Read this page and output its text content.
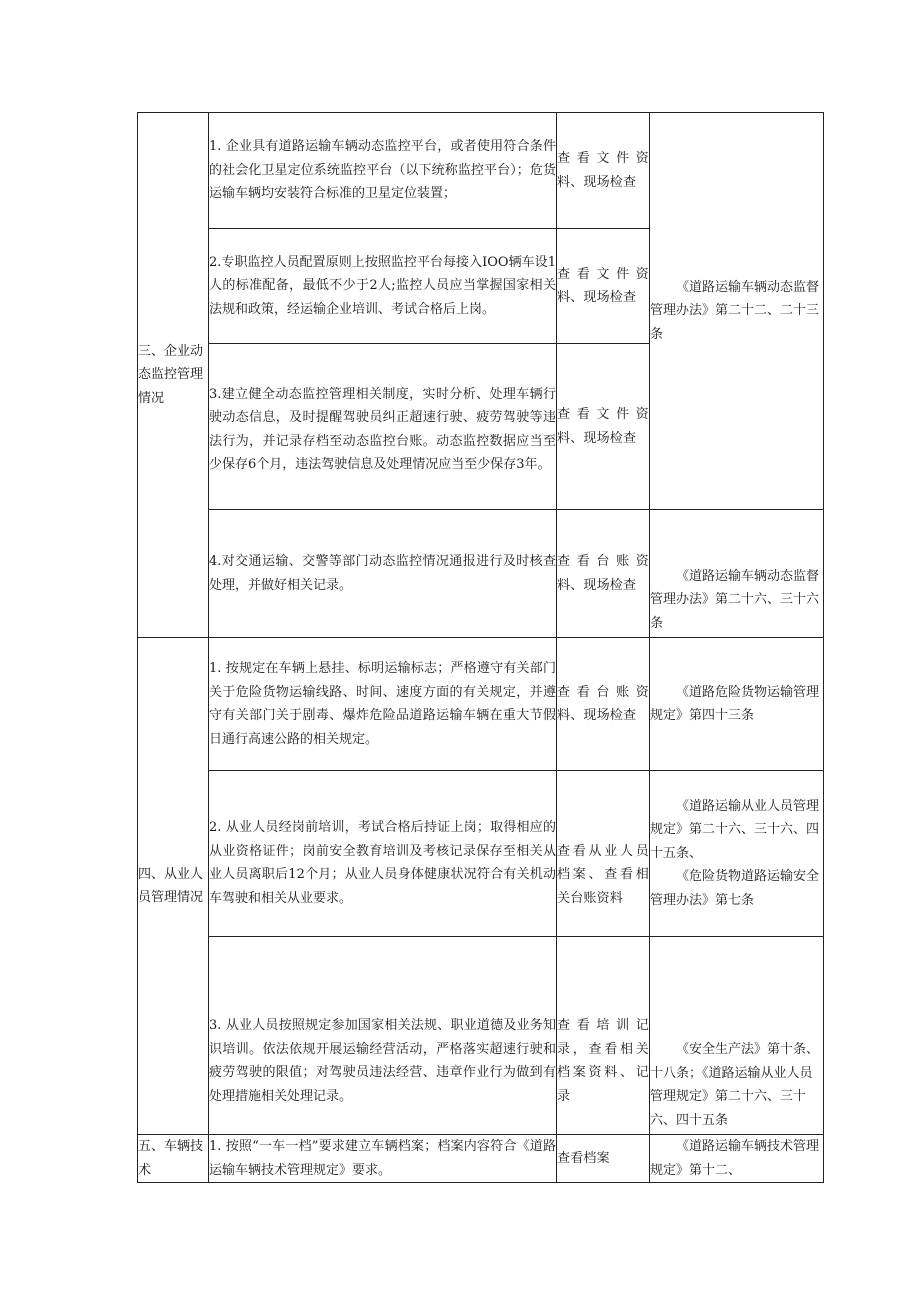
三、企业动态监控管理情况	1. 企业具有道路运输车辆动态监控平台，或者使用符合条件的社会化卫星定位系统监控平台（以下统称监控平台）；危货运输车辆均安装符合标准的卫星定位装置；	查看文件资料、现场检查	《道路运输车辆动态监督管理办法》第二十二、二十三条

	2.专职监控人员配置原则上按照监控平台每接入IOO辆车设1人的标准配备，最低不少于2人;监控人员应当掌握国家相关法规和政策，经运输企业培训、考试合格后上岗。	查看文件资料、现场检查	
	3.建立健全动态监控管理相关制度，实时分析、处理车辆行驶动态信息，及时提醒驾驶员纠正超速行驶、疲劳驾驶等违法行为，并记录存档至动态监控台账。动态监控数据应当至少保存6个月，违法驾驶信息及处理情况应当至少保存3年。	查看文件资料、现场检查	
	4.对交通运输、交警等部门动态监控情况通报进行及时核查处理，并做好相关记录。	查看台账资料、现场检查	《道路运输车辆动态监督管理办法》第二十六、三十六条

四、从业人员管理情况	1. 按规定在车辆上悬挂、标明运输标志；严格遵守有关部门关于危险货物运输线路、时间、速度方面的有关规定，并遵守有关部门关于剧毒、爆炸危险品道路运输车辆在重大节假日通行高速公路的相关规定。	查看台账资料、现场检查	《道路危险货物运输管理规定》第四十三条

	2. 从业人员经岗前培训，考试合格后持证上岗；取得相应的从业资格证件；岗前安全教育培训及考核记录保存至相关从业人员离职后12个月；从业人员身体健康状况符合有关机动车驾驶和相关从业要求。	查看从业人员档案、查看相关台账资料	《道路运输从业人员管理规定》第二十六、三十六、四十五条、
《危险货物道路运输安全管理办法》第七条

	3. 从业人员按照规定参加国家相关法规、职业道德及业务知识培训。依法依规开展运输经营活动，严格落实超速行驶和疲劳驾驶的限值；对驾驶员违法经营、违章作业行为做到有处理措施相关处理记录。	查看培训记录，查看相关档案资料、记录	《安全生产法》第十条、十八条；《道路运输从业人员管理规定》第二十六、三十六、四十五条

五、车辆技术	1. 按照“一车一档”要求建立车辆档案；档案内容符合《道路运输车辆技术管理规定》要求。	查看档案	《道路运输车辆技术管理规定》第十二、
